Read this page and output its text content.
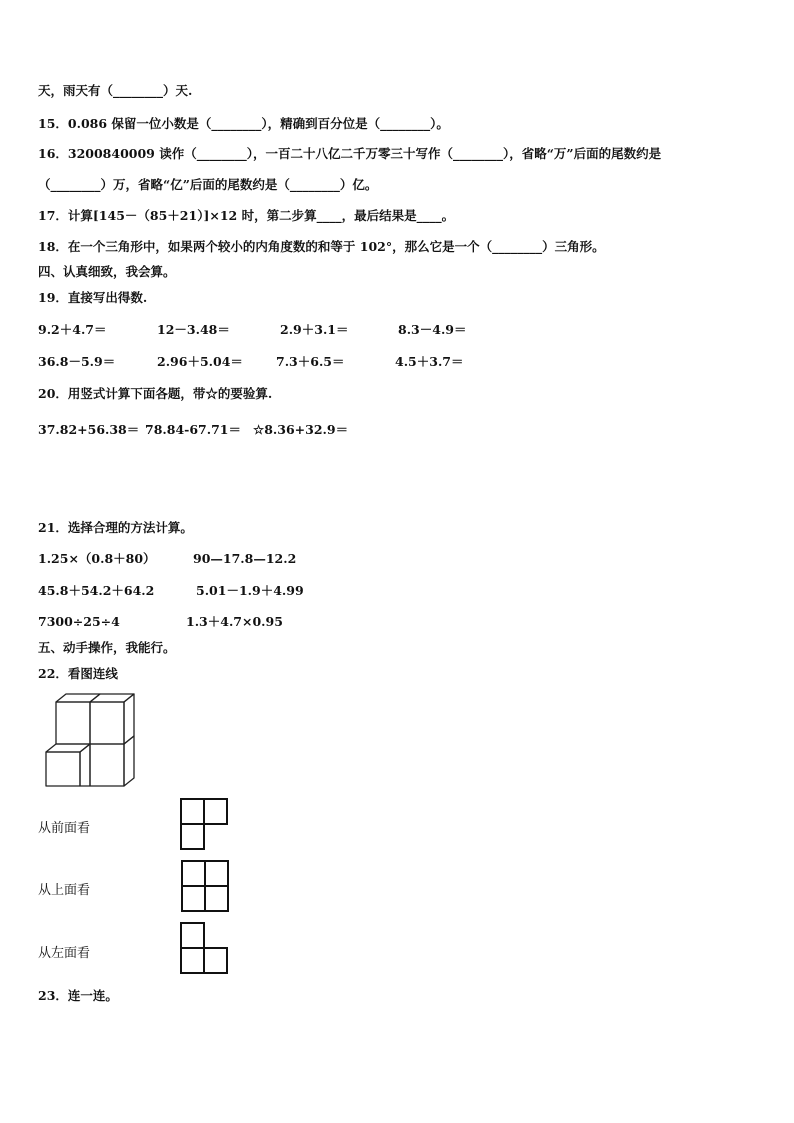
天，雨天有（________）天.
15．0.086 保留一位小数是（________），精确到百分位是（________）。
16．3200840009 读作（________），一百二十八亿二千万零三十写作（________），省略“万”后面的尾数约是
（________）万，省略“亿”后面的尾数约是（________）亿。
17．计算[145－（85＋21）]×12 时，第二步算____，最后结果是____。
18．在一个三角形中，如果两个较小的内角度数的和等于 102°，那么它是一个（________）三角形。
四、认真细致，我会算。
19．直接写出得数.
9.2＋4.7＝	12－3.48＝	2.9＋3.1＝	8.3－4.9＝
36.8－5.9＝	2.96＋5.04＝	7.3＋6.5＝	4.5＋3.7＝
20．用竖式计算下面各题，带☆的要验算.
37.82+56.38＝ 78.84-67.71＝ ☆8.36+32.9＝
21．选择合理的方法计算。
1.25×（0.8＋80）	90—17.8—12.2
45.8＋54.2＋64.2	5.01－1.9＋4.99
7300÷25÷4	1.3＋4.7×0.95
五、动手操作，我能行。
22．看图连线
从前面看
从上面看
从左面看
23．连一连。
